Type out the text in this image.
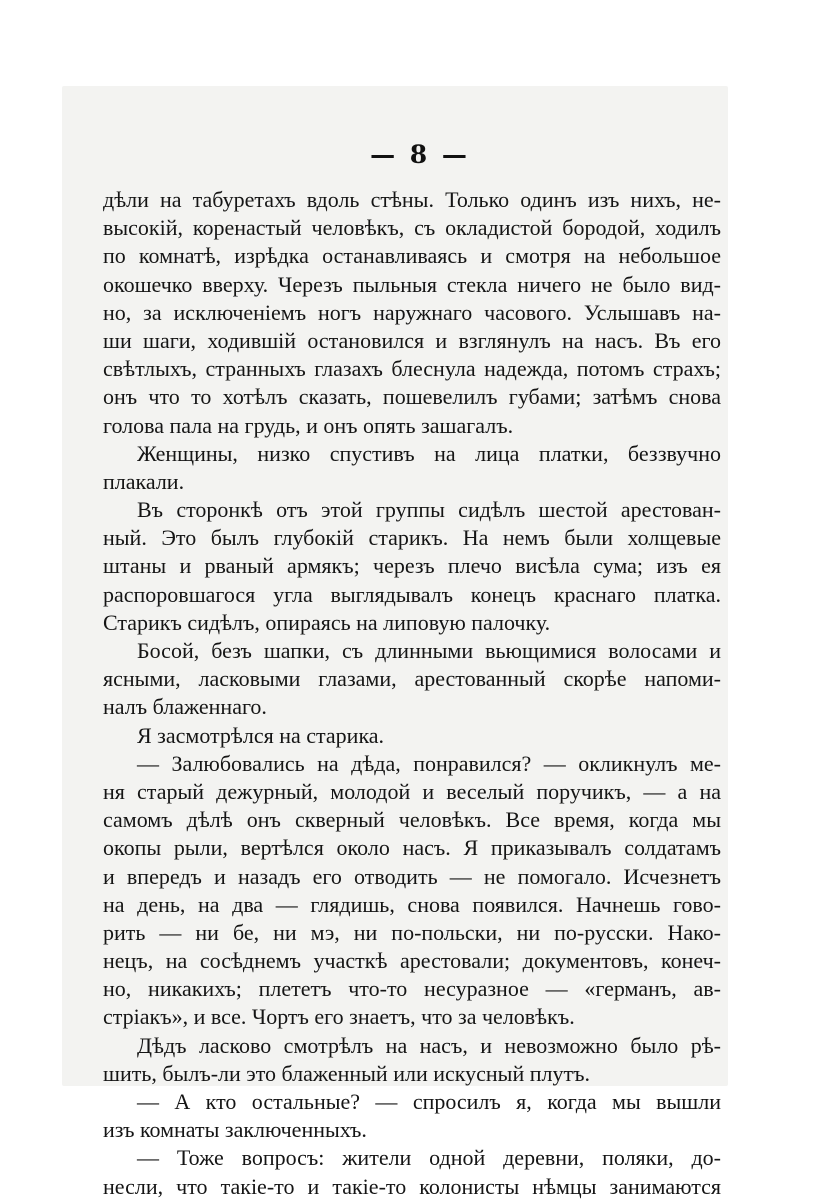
— 8 —
дѣли на табуретахъ вдоль стѣны. Только одинъ изъ нихъ, не-
высокій, коренастый человѣкъ, съ окладистой бородой, ходилъ
по комнатѣ, изрѣдка останавливаясь и смотря на небольшое
окошечко вверху. Черезъ пыльныя стекла ничего не было вид-
но, за исключеніемъ ногъ наружнаго часового. Услышавъ на-
ши шаги, ходившій остановился и взглянулъ на насъ. Въ его
свѣтлыхъ, странныхъ глазахъ блеснула надежда, потомъ страхъ;
онъ что то хотѣлъ сказать, пошевелилъ губами; затѣмъ снова
голова пала на грудь, и онъ опять зашагалъ.
Женщины, низко спустивъ на лица платки, беззвучно
плакали.
Въ сторонкѣ отъ этой группы сидѣлъ шестой арестован-
ный. Это былъ глубокій старикъ. На немъ были холщевые
штаны и рваный армякъ; черезъ плечо висѣла сума; изъ ея
распоровшагося угла выглядывалъ конецъ краснаго платка.
Старикъ сидѣлъ, опираясь на липовую палочку.
Босой, безъ шапки, съ длинными вьющимися волосами и
ясными, ласковыми глазами, арестованный скорѣе напоми-
налъ блаженнаго.
Я засмотрѣлся на старика.
— Залюбовались на дѣда, понравился? — окликнулъ ме-
ня старый дежурный, молодой и веселый поручикъ, — а на
самомъ дѣлѣ онъ скверный человѣкъ. Все время, когда мы
окопы рыли, вертѣлся около насъ. Я приказывалъ солдатамъ
и впередъ и назадъ его отводить — не помогало. Исчезнетъ
на день, на два — глядишь, снова появился. Начнешь гово-
рить — ни бе, ни мэ, ни по-польски, ни по-русски. Нако-
нецъ, на сосѣднемъ участкѣ арестовали; документовъ, конеч-
но, никакихъ; плететъ что-то несуразное — «германъ, ав-
стріакъ», и все. Чортъ его знаетъ, что за человѣкъ.
Дѣдъ ласково смотрѣлъ на насъ, и невозможно было рѣ-
шить, былъ-ли это блаженный или искусный плутъ.
— А кто остальные? — спросилъ я, когда мы вышли
изъ комнаты заключенныхъ.
— Тоже вопросъ: жители одной деревни, поляки, до-
несли, что такіе-то и такіе-то колонисты нѣмцы занимаются
